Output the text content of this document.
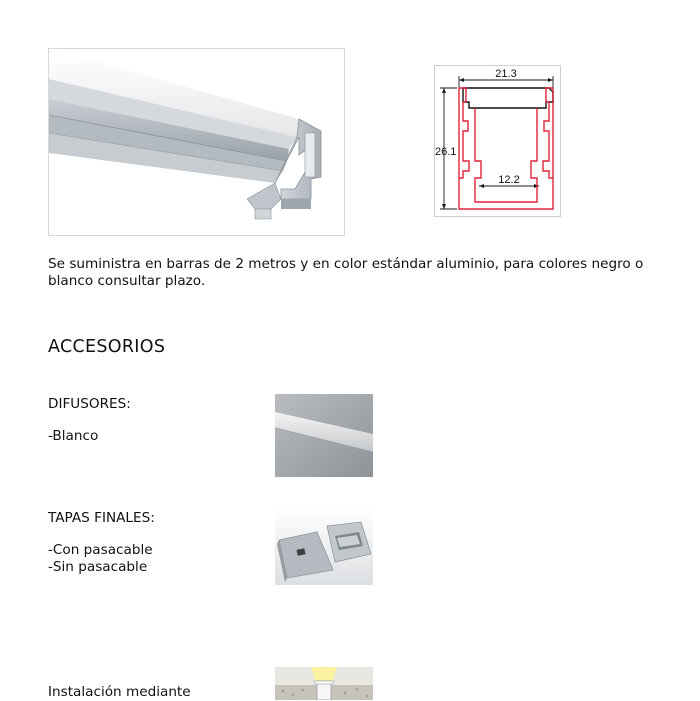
21.3
26.1
12.2
Se suministra en barras de 2 metros y en color estándar aluminio, para colores negro o blanco consultar plazo.
ACCESORIOS
DIFUSORES:
-Blanco
TAPAS FINALES:
-Con pasacable
-Sin pasacable
Instalación mediante
